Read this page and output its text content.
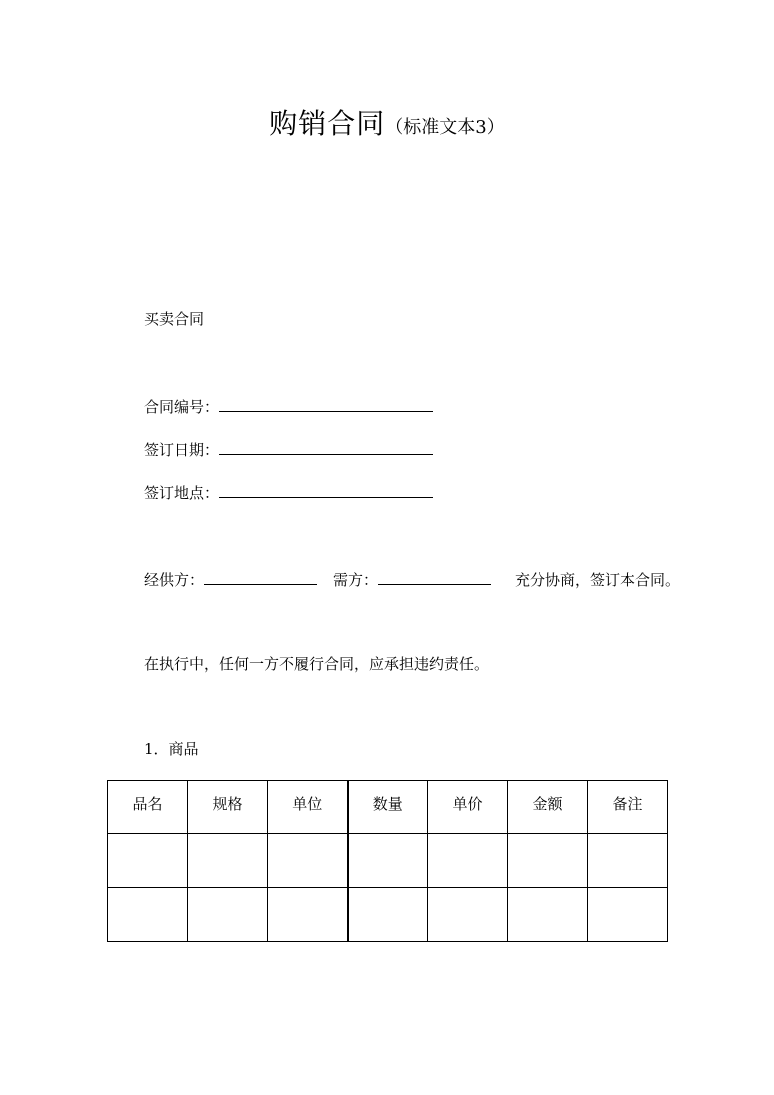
购销合同（标准文本3）
买卖合同
合同编号：
签订日期：
签订地点：
经供方：	需方：	充分协商，签订本合同。
在执行中，任何一方不履行合同，应承担违约责任。
1．商品
品名	规格	单位	数量	单价	金额	备注
